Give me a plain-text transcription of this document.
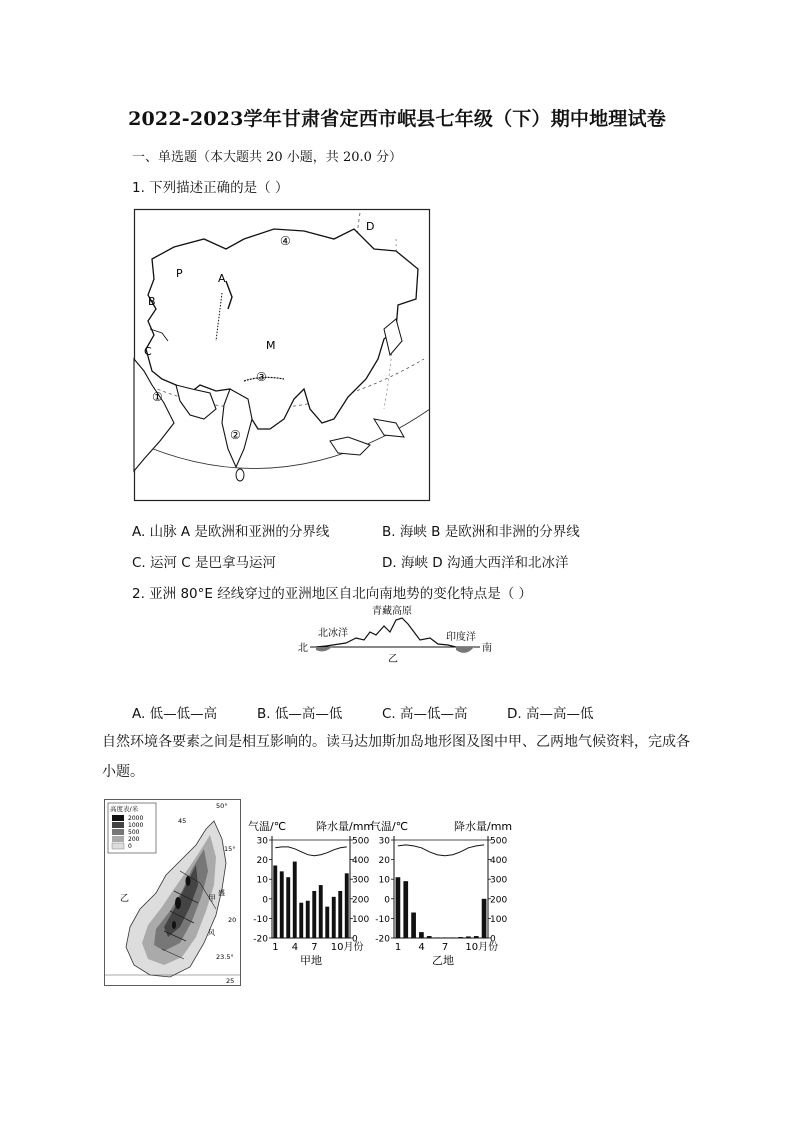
2022-2023学年甘肃省定西市岷县七年级（下）期中地理试卷
一、单选题（本大题共 20 小题，共 20.0 分）
1. 下列描述正确的是（ ）
D
④
P	A
B
C	M
③
①
②
A. 山脉 A 是欧洲和亚洲的分界线	B. 海峡 B 是欧洲和非洲的分界线
C. 运河 C 是巴拿马运河	D. 海峡 D 沟通大西洋和北冰洋
2. 亚洲 80°E 经线穿过的亚洲地区自北向南地势的变化特点是（ ）
青藏高原
北冰洋	印度洋
北	南
乙
A. 低—低—高	B. 低—高—低	C. 高—低—高	D. 高—高—低
自然环境各要素之间是相互影响的。读马达加斯加岛地形图及图中甲、乙两地气候资料，完成各
小题。
高度表/米
2000
1000
500
200
0
50°
15°
甲
乙
盛
风
20
23.5°
25
45	气温/℃	降水量/mm
30
20
10
0
-10
-20
500
400
300
200
100
0
1 4 7 10月份
甲地
气温/℃	降水量/mm
30
20
10
0
-10
-20
500
400
300
200
100
0
1 4 7 10月份
乙地
